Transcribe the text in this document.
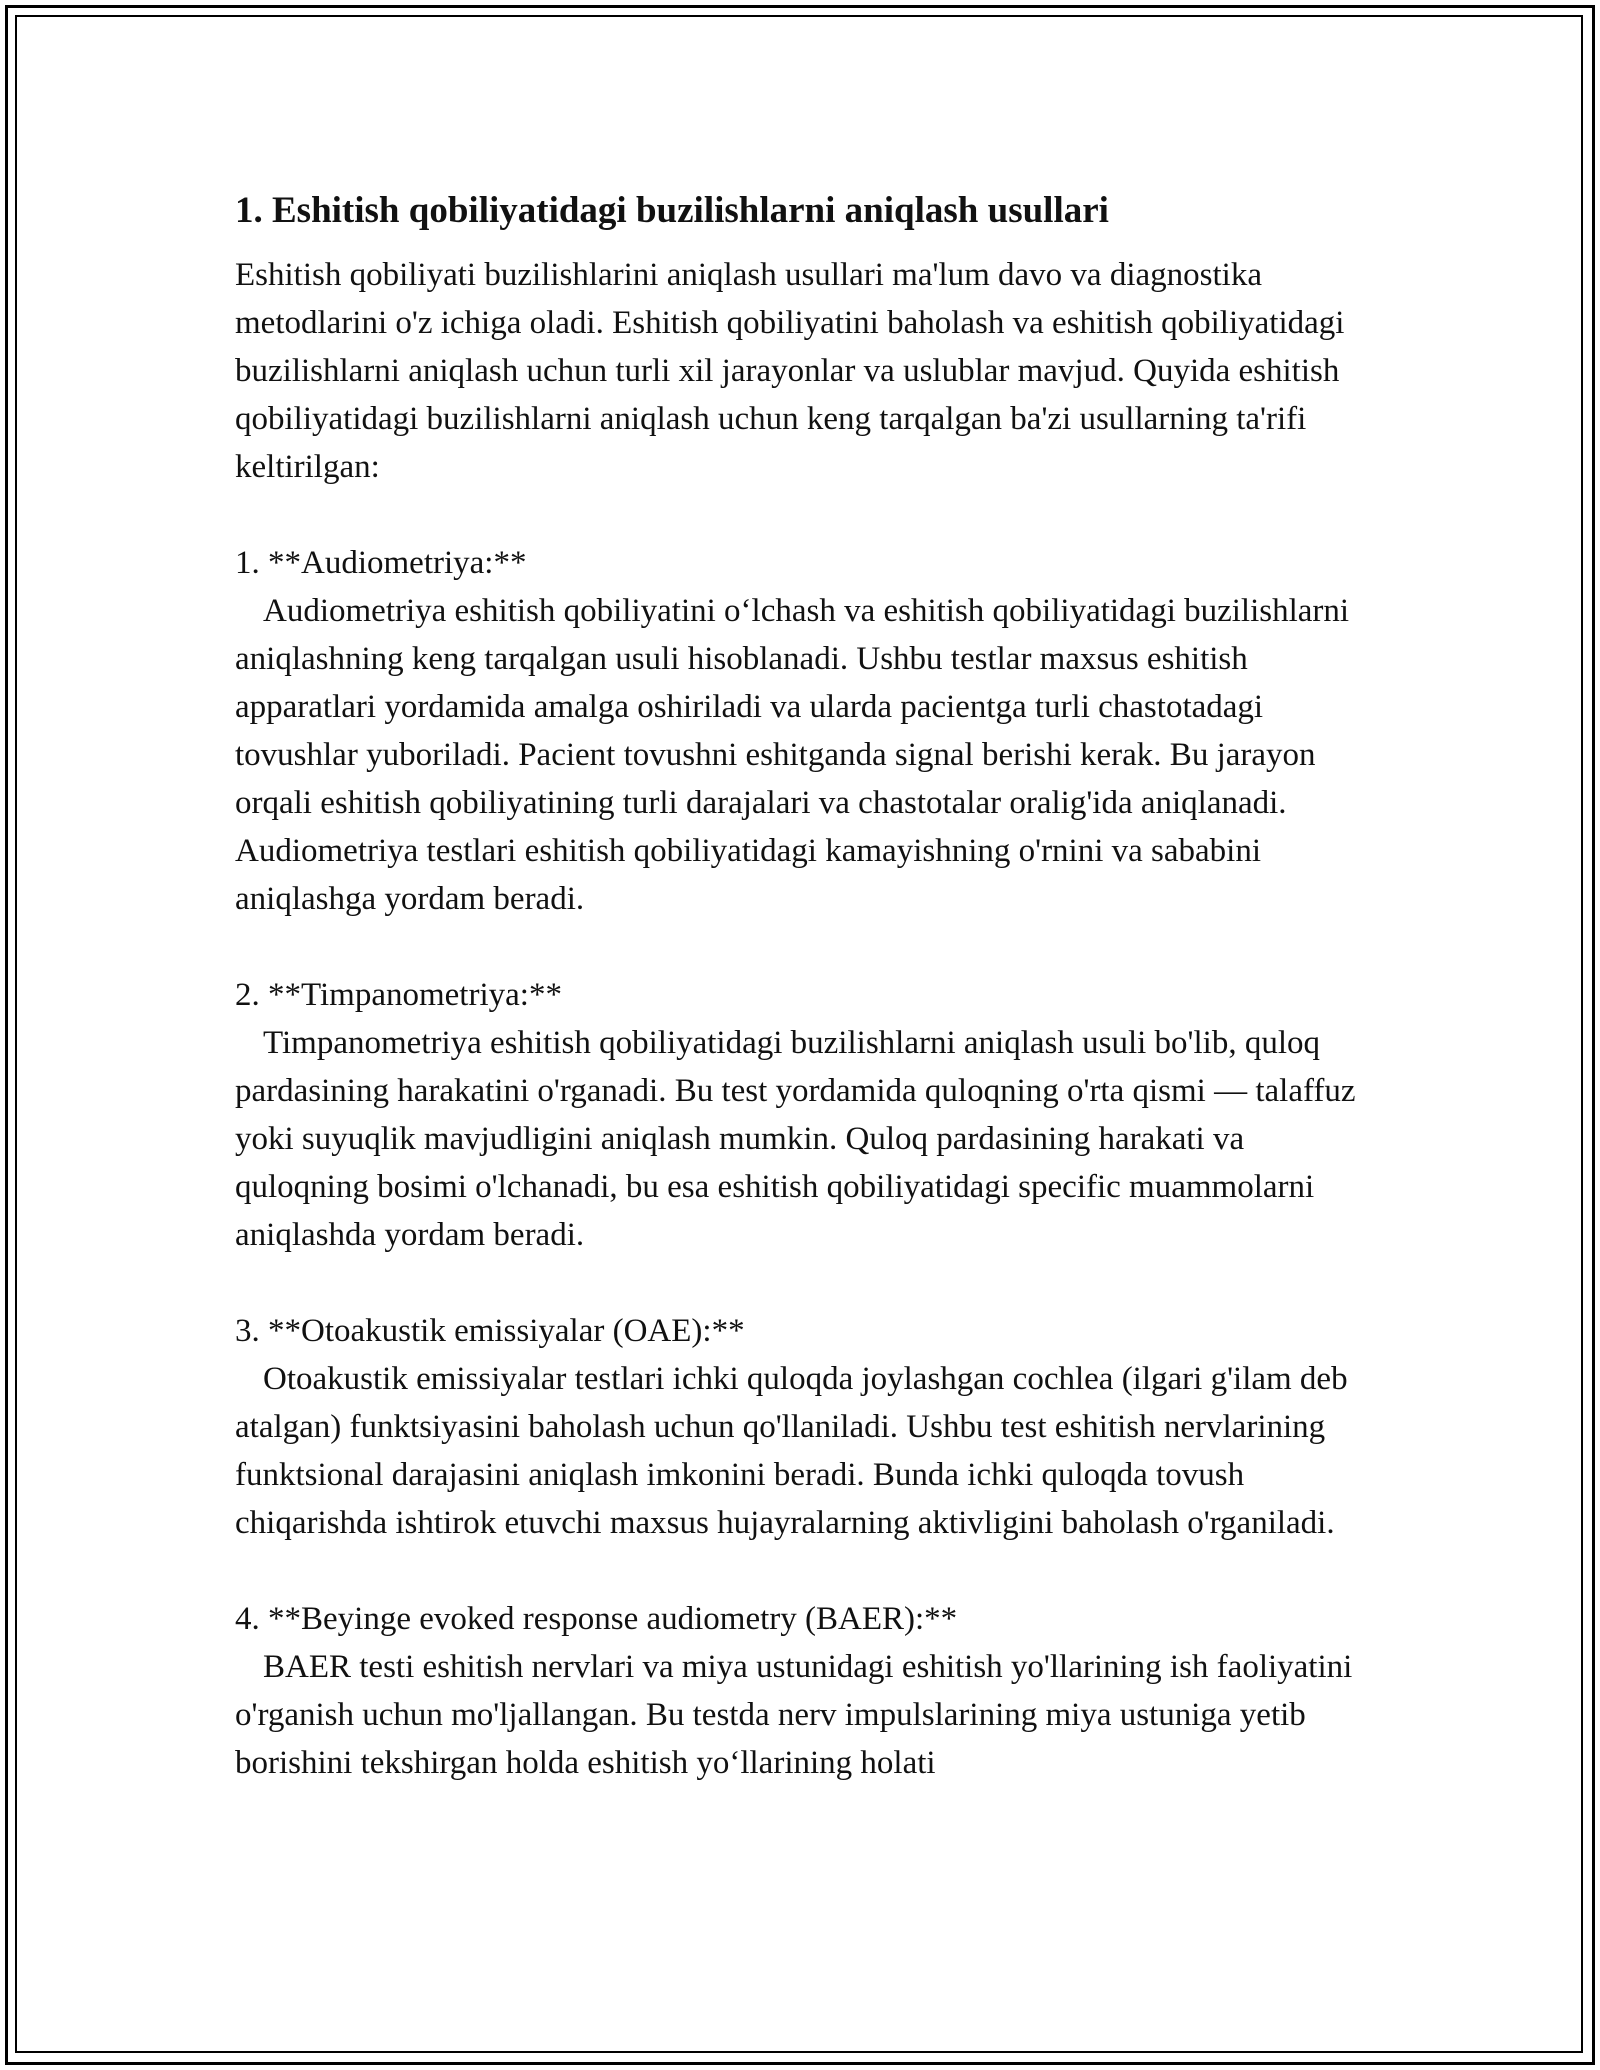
1. Eshitish qobiliyatidagi buzilishlarni aniqlash usullari

Eshitish qobiliyati buzilishlarini aniqlash usullari ma'lum davo va diagnostika metodlarini o'z ichiga oladi. Eshitish qobiliyatini baholash va eshitish qobiliyatidagi buzilishlarni aniqlash uchun turli xil jarayonlar va uslublar mavjud. Quyida eshitish qobiliyatidagi buzilishlarni aniqlash uchun keng tarqalgan ba'zi usullarning ta'rifi keltirilgan:

1. **Audiometriya:**

Audiometriya eshitish qobiliyatini o‘lchash va eshitish qobiliyatidagi buzilishlarni aniqlashning keng tarqalgan usuli hisoblanadi. Ushbu testlar maxsus eshitish apparatlari yordamida amalga oshiriladi va ularda pacientga turli chastotadagi tovushlar yuboriladi. Pacient tovushni eshitganda signal berishi kerak. Bu jarayon orqali eshitish qobiliyatining turli darajalari va chastotalar oralig'ida aniqlanadi. Audiometriya testlari eshitish qobiliyatidagi kamayishning o'rnini va sababini aniqlashga yordam beradi.

2. **Timpanometriya:**

Timpanometriya eshitish qobiliyatidagi buzilishlarni aniqlash usuli bo'lib, quloq pardasining harakatini o'rganadi. Bu test yordamida quloqning o'rta qismi — talaffuz yoki suyuqlik mavjudligini aniqlash mumkin. Quloq pardasining harakati va quloqning bosimi o'lchanadi, bu esa eshitish qobiliyatidagi specific muammolarni aniqlashda yordam beradi.

3. **Otoakustik emissiyalar (OAE):**

Otoakustik emissiyalar testlari ichki quloqda joylashgan cochlea (ilgari g'ilam deb atalgan) funktsiyasini baholash uchun qo'llaniladi. Ushbu test eshitish nervlarining funktsional darajasini aniqlash imkonini beradi. Bunda ichki quloqda tovush chiqarishda ishtirok etuvchi maxsus hujayralarning aktivligini baholash o'rganiladi.

4. **Beyinge evoked response audiometry (BAER):**

BAER testi eshitish nervlari va miya ustunidagi eshitish yo'llarining ish faoliyatini o'rganish uchun mo'ljallangan. Bu testda nerv impulslarining miya ustuniga yetib borishini tekshirgan holda eshitish yo‘llarining holati
